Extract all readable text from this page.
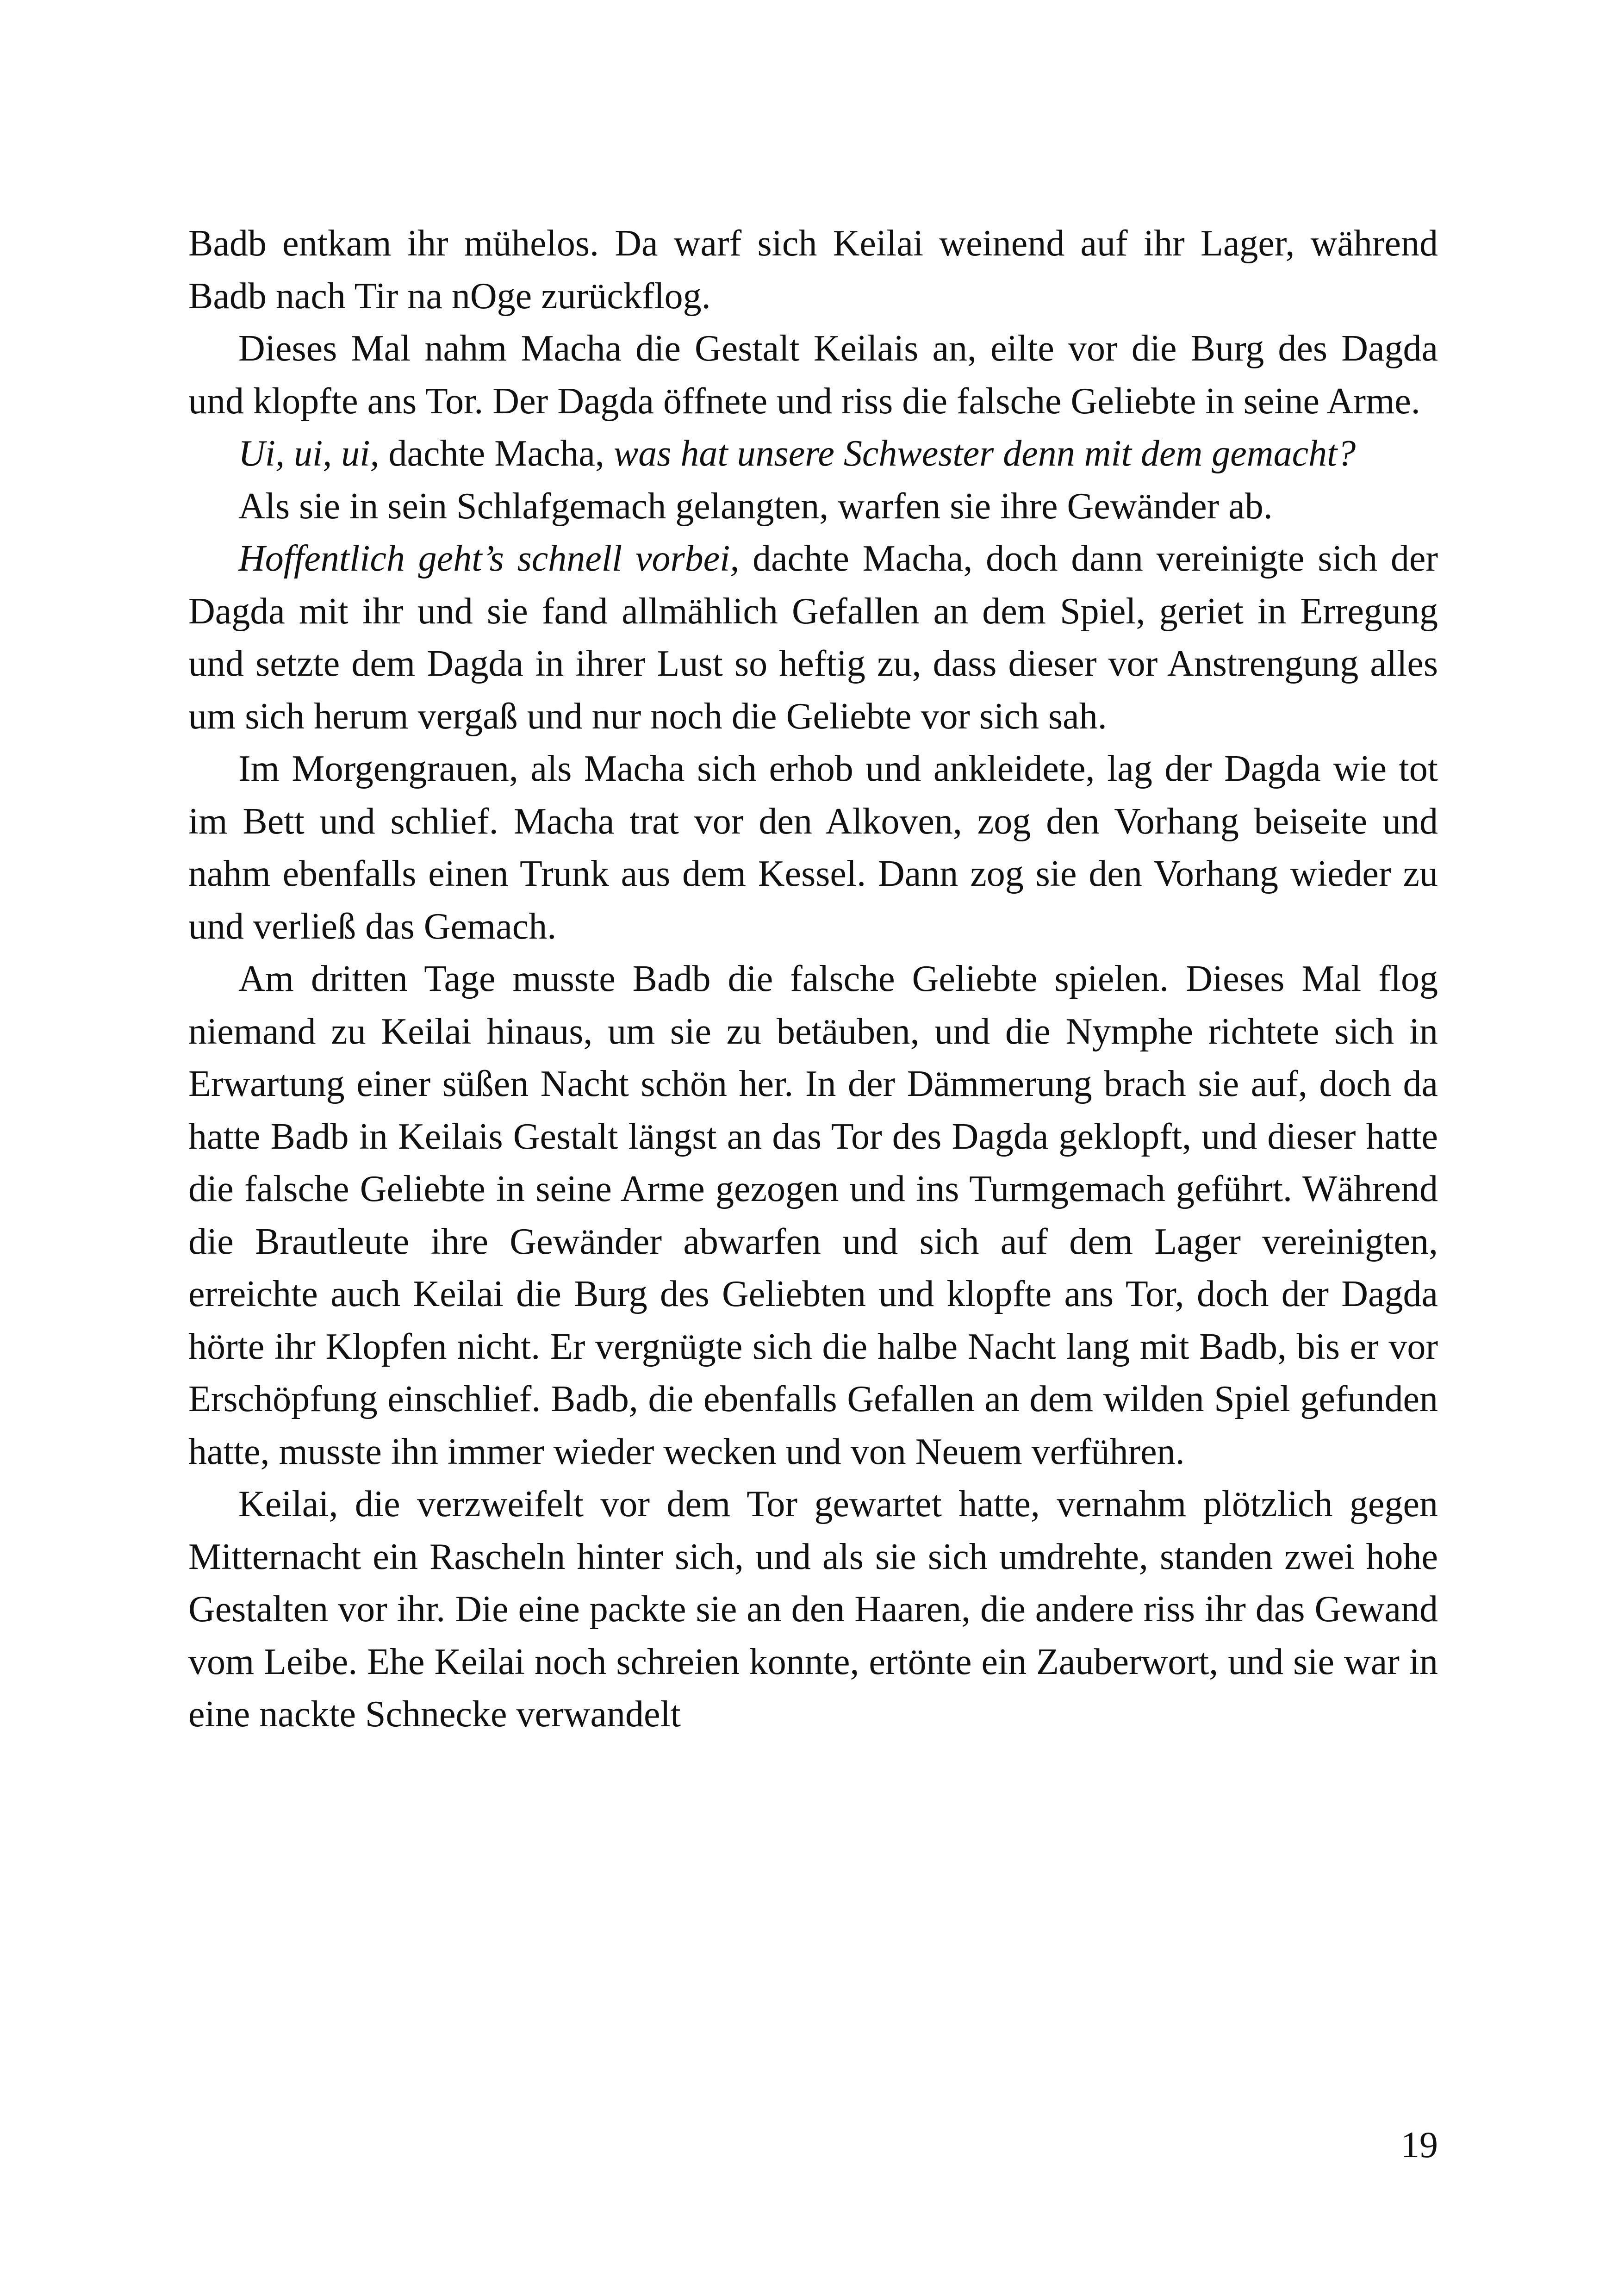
Badb entkam ihr mühelos. Da warf sich Keilai weinend auf ihr Lager, während Badb nach Tir na nOge zurückflog.

Dieses Mal nahm Macha die Gestalt Keilais an, eilte vor die Burg des Dagda und klopfte ans Tor. Der Dagda öffnete und riss die falsche Geliebte in seine Arme.

Ui, ui, ui, dachte Macha, was hat unsere Schwester denn mit dem gemacht?

Als sie in sein Schlafgemach gelangten, warfen sie ihre Gewänder ab.

Hoffentlich geht’s schnell vorbei, dachte Macha, doch dann vereinigte sich der Dagda mit ihr und sie fand allmählich Gefallen an dem Spiel, geriet in Erregung und setzte dem Dagda in ihrer Lust so heftig zu, dass dieser vor Anstrengung alles um sich herum vergaß und nur noch die Geliebte vor sich sah.

Im Morgengrauen, als Macha sich erhob und ankleidete, lag der Dagda wie tot im Bett und schlief. Macha trat vor den Alkoven, zog den Vorhang beiseite und nahm ebenfalls einen Trunk aus dem Kessel. Dann zog sie den Vorhang wieder zu und verließ das Gemach.

Am dritten Tage musste Badb die falsche Geliebte spielen. Dieses Mal flog niemand zu Keilai hinaus, um sie zu betäuben, und die Nymphe richtete sich in Erwartung einer süßen Nacht schön her. In der Dämmerung brach sie auf, doch da hatte Badb in Keilais Gestalt längst an das Tor des Dagda geklopft, und dieser hatte die falsche Geliebte in seine Arme gezogen und ins Turmgemach geführt. Während die Brautleute ihre Gewänder abwarfen und sich auf dem Lager vereinigten, erreichte auch Keilai die Burg des Geliebten und klopfte ans Tor, doch der Dagda hörte ihr Klopfen nicht. Er vergnügte sich die halbe Nacht lang mit Badb, bis er vor Erschöpfung einschlief. Badb, die ebenfalls Gefallen an dem wilden Spiel gefunden hatte, musste ihn immer wieder wecken und von Neuem verführen.

Keilai, die verzweifelt vor dem Tor gewartet hatte, vernahm plötzlich gegen Mitternacht ein Rascheln hinter sich, und als sie sich umdrehte, standen zwei hohe Gestalten vor ihr. Die eine packte sie an den Haaren, die andere riss ihr das Gewand vom Leibe. Ehe Keilai noch schreien konnte, ertönte ein Zauberwort, und sie war in eine nackte Schnecke verwandelt

19
